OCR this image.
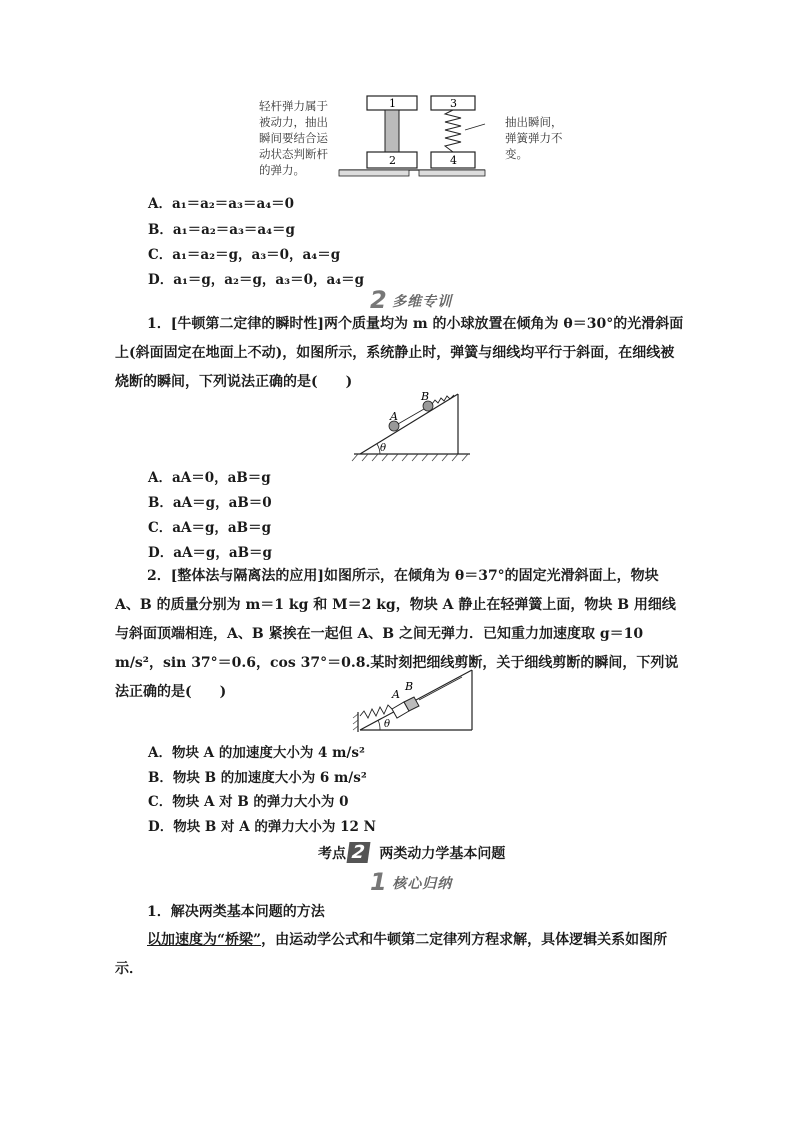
轻杆弹力属于被动力，抽出瞬间要结合运动状态判断杆的弹力。
1
2
3
4
抽出瞬间，弹簧弹力不变。
A．a₁＝a₂＝a₃＝a₄＝0
B．a₁＝a₂＝a₃＝a₄＝g
C．a₁＝a₂＝g，a₃＝0，a₄＝g
D．a₁＝g，a₂＝g，a₃＝0，a₄＝g
2 多维专训
1．[牛顿第二定律的瞬时性]两个质量均为 m 的小球放置在倾角为 θ＝30°的光滑斜面上(斜面固定在地面上不动)，如图所示，系统静止时，弹簧与细线均平行于斜面，在细线被烧断的瞬间，下列说法正确的是(　　)
A
B
θ
A．aA＝0，aB＝g
B．aA＝g，aB＝0
C．aA＝g，aB＝g
D．aA＝g，aB＝g
2．[整体法与隔离法的应用]如图所示，在倾角为 θ＝37°的固定光滑斜面上，物块 A、B 的质量分别为 m＝1 kg 和 M＝2 kg，物块 A 静止在轻弹簧上面，物块 B 用细线与斜面顶端相连，A、B 紧挨在一起但 A、B 之间无弹力．已知重力加速度取 g＝10 m/s²，sin 37°＝0.6，cos 37°＝0.8.某时刻把细线剪断，关于细线剪断的瞬间，下列说法正确的是(　　)	A
B
θ
A．物块 A 的加速度大小为 4 m/s²
B．物块 B 的加速度大小为 6 m/s²
C．物块 A 对 B 的弹力大小为 0
D．物块 B 对 A 的弹力大小为 12 N
考点 2 两类动力学基本问题
1 核心归纳
1．解决两类基本问题的方法
以加速度为“桥梁”，由运动学公式和牛顿第二定律列方程求解，具体逻辑关系如图所示．
